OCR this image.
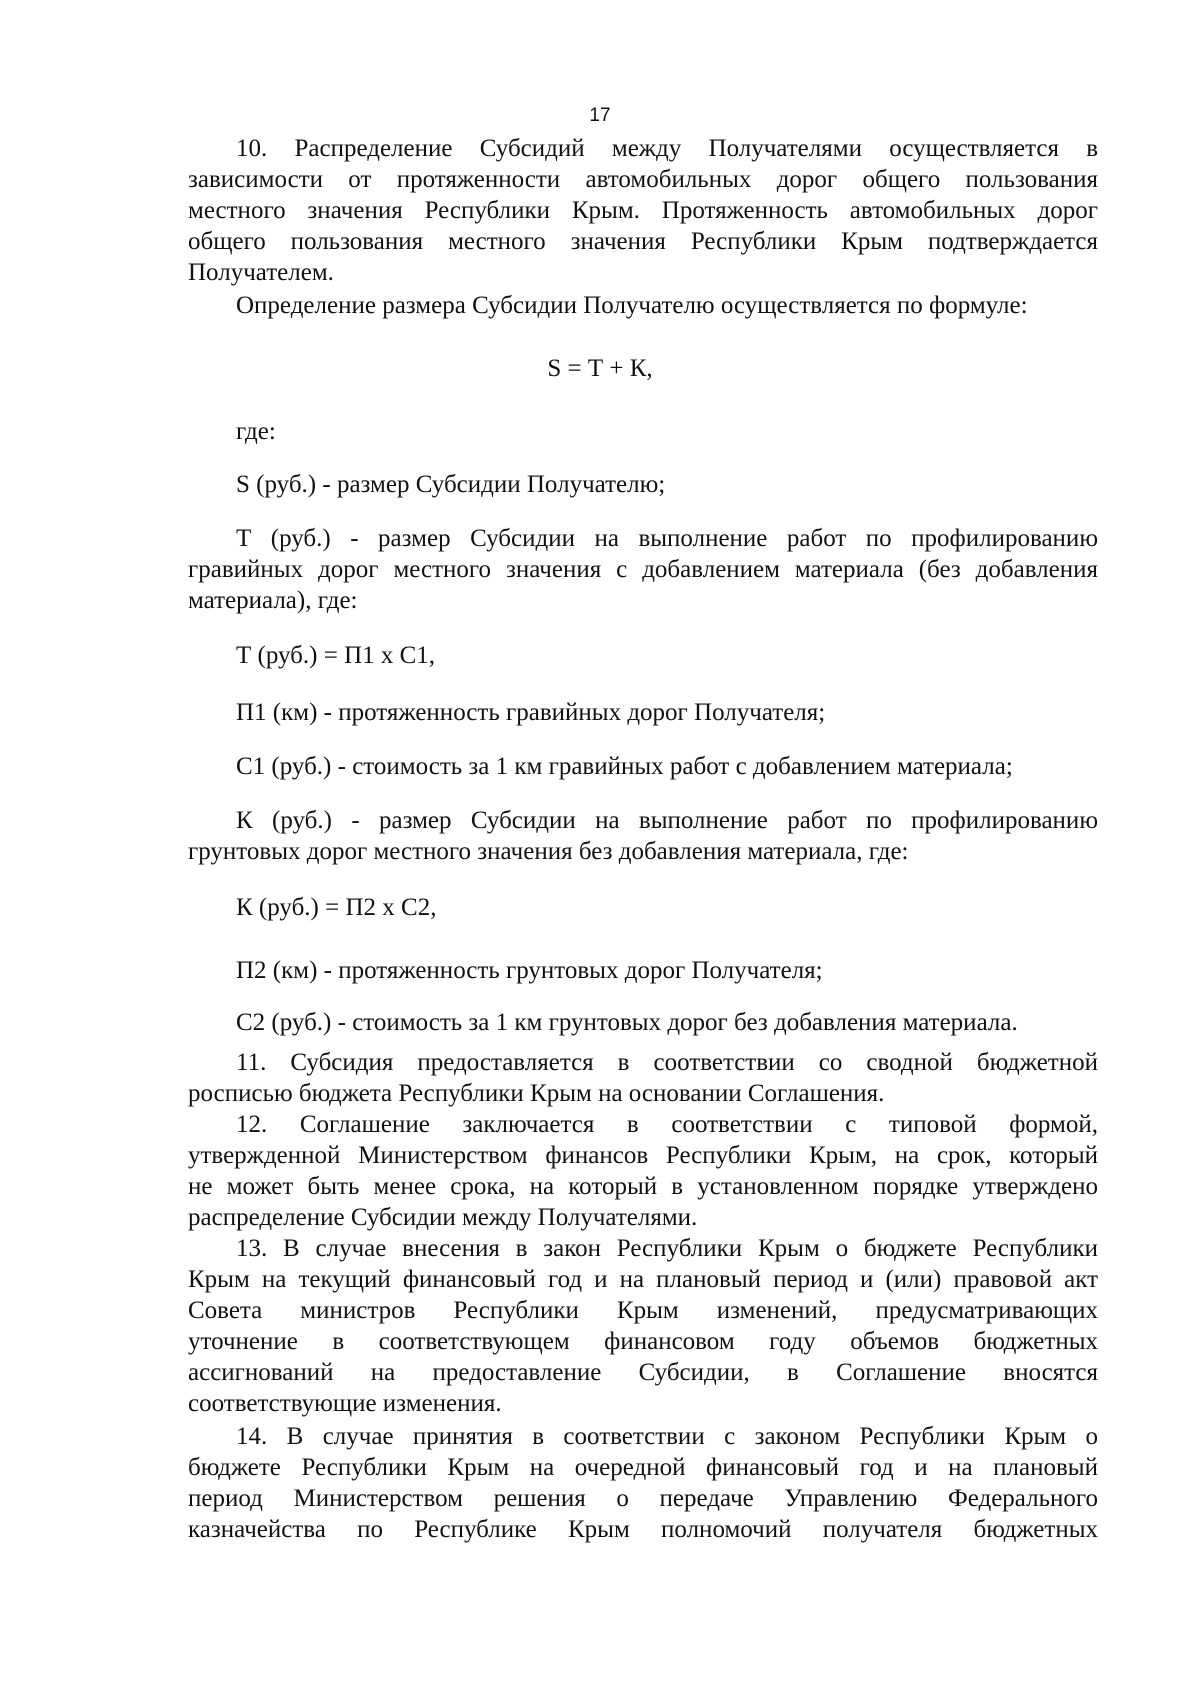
17
10. Распределение Субсидий между Получателями осуществляется в
зависимости от протяженности автомобильных дорог общего пользования
местного значения Республики Крым. Протяженность автомобильных дорог
общего пользования местного значения Республики Крым подтверждается
Получателем.
Определение размера Субсидии Получателю осуществляется по формуле:
S = Т + К,
где:
S (руб.) - размер Субсидии Получателю;
Т (руб.) - размер Субсидии на выполнение работ по профилированию
гравийных дорог местного значения с добавлением материала (без добавления
материала), где:
Т (руб.) = П1 х С1,
П1 (км) - протяженность гравийных дорог Получателя;
С1 (руб.) - стоимость за 1 км гравийных работ с добавлением материала;
К (руб.) - размер Субсидии на выполнение работ по профилированию
грунтовых дорог местного значения без добавления материала, где:
К (руб.) = П2 х С2,
П2 (км) - протяженность грунтовых дорог Получателя;
С2 (руб.) - стоимость за 1 км грунтовых дорог без добавления материала.
11. Субсидия предоставляется в соответствии со сводной бюджетной
росписью бюджета Республики Крым на основании Соглашения.
12. Соглашение заключается в соответствии с типовой формой,
утвержденной Министерством финансов Республики Крым, на срок, который
не может быть менее срока, на который в установленном порядке утверждено
распределение Субсидии между Получателями.
13. В случае внесения в закон Республики Крым о бюджете Республики
Крым на текущий финансовый год и на плановый период и (или) правовой акт
Совета министров Республики Крым изменений, предусматривающих
уточнение в соответствующем финансовом году объемов бюджетных
ассигнований на предоставление Субсидии, в Соглашение вносятся
соответствующие изменения.
14. В случае принятия в соответствии с законом Республики Крым о
бюджете Республики Крым на очередной финансовый год и на плановый
период Министерством решения о передаче Управлению Федерального
казначейства по Республике Крым полномочий получателя бюджетных
